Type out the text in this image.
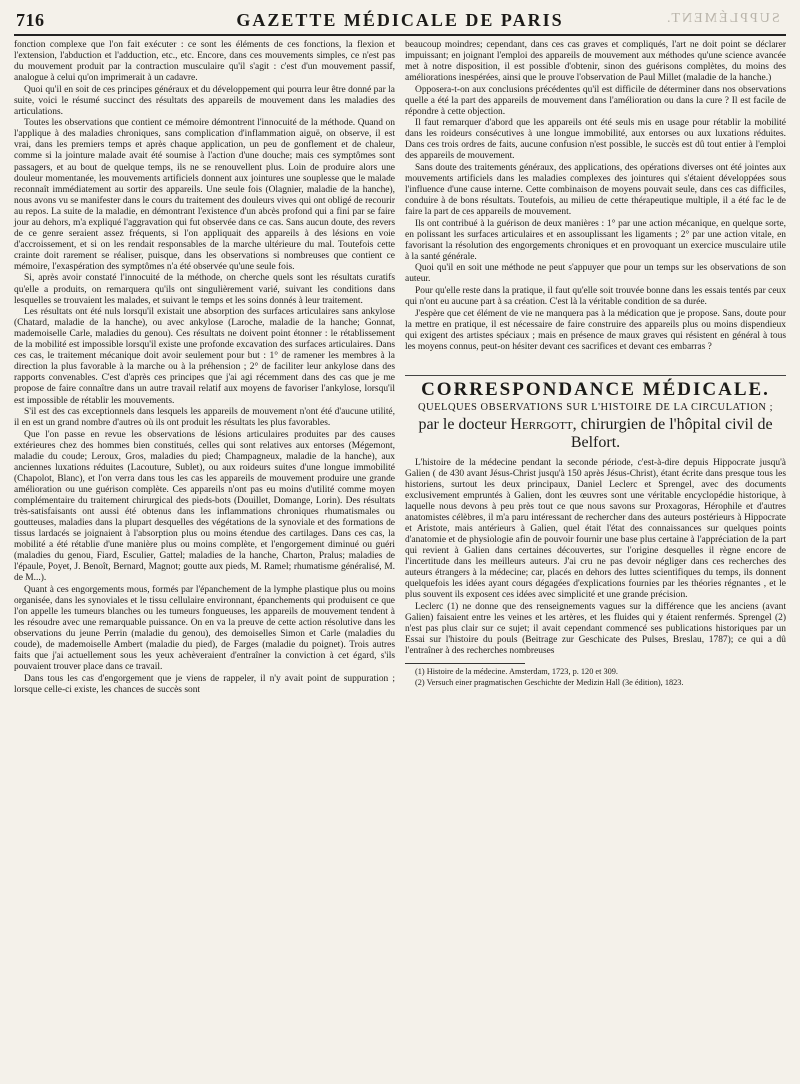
716	GAZETTE MÉDICALE DE PARIS	SUPPLÉMENT.

fonction complexe que l'on fait exécuter : ce sont les éléments de ces fonctions, la flexion et l'extension, l'abduction et l'adduction, etc., etc. Encore, dans ces mouvements simples, ce n'est pas du mouvement produit par la contraction musculaire qu'il s'agit : c'est d'un mouvement passif, analogue à celui qu'on imprimerait à un cadavre.

Quoi qu'il en soit de ces principes généraux et du développement qui pourra leur être donné par la suite, voici le résumé succinct des résultats des appareils de mouvement dans les maladies des articulations.

Toutes les observations que contient ce mémoire démontrent l'innocuité de la méthode. Quand on l'applique à des maladies chroniques, sans complication d'inflammation aiguë, on observe, il est vrai, dans les premiers temps et après chaque application, un peu de gonflement et de chaleur, comme si la jointure malade avait été soumise à l'action d'une douche; mais ces symptômes sont passagers, et au bout de quelque temps, ils ne se renouvellent plus. Loin de produire alors une douleur momentanée, les mouvements artificiels donnent aux jointures une souplesse que le malade reconnaît immédiatement au sortir des appareils. Une seule fois (Olagnier, maladie de la hanche), nous avons vu se manifester dans le cours du traitement des douleurs vives qui ont obligé de recourir au repos. La suite de la maladie, en démontrant l'existence d'un abcès profond qui a fini par se faire jour au dehors, m'a expliqué l'aggravation qui fut observée dans ce cas. Sans aucun doute, des revers de ce genre seraient assez fréquents, si l'on appliquait des appareils à des lésions en voie d'accroissement, et si on les rendait responsables de la marche ultérieure du mal. Toutefois cette crainte doit rarement se réaliser, puisque, dans les observations si nombreuses que contient ce mémoire, l'exaspération des symptômes n'a été observée qu'une seule fois.

Si, après avoir constaté l'innocuité de la méthode, on cherche quels sont les résultats curatifs qu'elle a produits, on remarquera qu'ils ont singulièrement varié, suivant les conditions dans lesquelles se trouvaient les malades, et suivant le temps et les soins donnés à leur traitement.

Les résultats ont été nuls lorsqu'il existait une absorption des surfaces articulaires sans ankylose (Chatard, maladie de la hanche), ou avec ankylose (Laroche, maladie de la hanche; Gonnat, mademoiselle Carle, maladies du genou). Ces résultats ne doivent point étonner : le rétablissement de la mobilité est impossible lorsqu'il existe une profonde excavation des surfaces articulaires. Dans ces cas, le traitement mécanique doit avoir seulement pour but : 1° de ramener les membres à la direction la plus favorable à la marche ou à la préhension ; 2° de faciliter leur ankylose dans des rapports convenables. C'est d'après ces principes que j'ai agi récemment dans des cas que je me propose de faire connaître dans un autre travail relatif aux moyens de favoriser l'ankylose, lorsqu'il est impossible de rétablir les mouvements.

S'il est des cas exceptionnels dans lesquels les appareils de mouvement n'ont été d'aucune utilité, il en est un grand nombre d'autres où ils ont produit les résultats les plus favorables.

Que l'on passe en revue les observations de lésions articulaires produites par des causes extérieures chez des hommes bien constitués, celles qui sont relatives aux entorses (Mégemont, maladie du coude; Leroux, Gros, maladies du pied; Champagneux, maladie de la hanche), aux anciennes luxations réduites (Lacouture, Sublet), ou aux roideurs suites d'une longue immobilité (Chapolot, Blanc), et l'on verra dans tous les cas les appareils de mouvement produire une grande amélioration ou une guérison complète. Ces appareils n'ont pas eu moins d'utilité comme moyen complémentaire du traitement chirurgical des pieds-bots (Douillet, Domange, Lorin). Des résultats très-satisfaisants ont aussi été obtenus dans les inflammations chroniques rhumatismales ou goutteuses, maladies dans la plupart desquelles des végétations de la synoviale et des formations de tissus lardacés se joignaient à l'absorption plus ou moins étendue des cartilages. Dans ces cas, la mobilité a été rétablie d'une manière plus ou moins complète, et l'engorgement diminué ou guéri (maladies du genou, Fiard, Esculier, Gattel; maladies de la hanche, Charton, Pralus; maladies de l'épaule, Poyet, J. Benoît, Bernard, Magnot; goutte aux pieds, M. Ramel; rhumatisme généralisé, M. de M...).

Quant à ces engorgements mous, formés par l'épanchement de la lymphe plastique plus ou moins organisée, dans les synoviales et le tissu cellulaire environnant, épanchements qui produisent ce que l'on appelle les tumeurs blanches ou les tumeurs fongueuses, les appareils de mouvement tendent à les résoudre avec une remarquable puissance. On en va la preuve de cette action résolutive dans les observations du jeune Perrin (maladie du genou), des demoiselles Simon et Carle (maladies du coude), de mademoiselle Ambert (maladie du pied), de Farges (maladie du poignet). Trois autres faits que j'ai actuellement sous les yeux achèveraient d'entraîner la conviction à cet égard, s'ils pouvaient trouver place dans ce travail.

Dans tous les cas d'engorgement que je viens de rappeler, il n'y avait point de suppuration ; lorsque celle-ci existe, les chances de succès sont

beaucoup moindres; cependant, dans ces cas graves et compliqués, l'art ne doit point se déclarer impuissant; en joignant l'emploi des appareils de mouvement aux méthodes qu'une science avancée met à notre disposition, il est possible d'obtenir, sinon des guérisons complètes, du moins des améliorations inespérées, ainsi que le prouve l'observation de Paul Millet (maladie de la hanche.)

Opposera-t-on aux conclusions précédentes qu'il est difficile de déterminer dans nos observations quelle a été la part des appareils de mouvement dans l'amélioration ou dans la cure ? Il est facile de répondre à cette objection.

Il faut remarquer d'abord que les appareils ont été seuls mis en usage pour rétablir la mobilité dans les roideurs consécutives à une longue immobilité, aux entorses ou aux luxations réduites. Dans ces trois ordres de faits, aucune confusion n'est possible, le succès est dû tout entier à l'emploi des appareils de mouvement.

Sans doute des traitements généraux, des applications, des opérations diverses ont été jointes aux mouvements artificiels dans les maladies complexes des jointures qui s'étaient développées sous l'influence d'une cause interne. Cette combinaison de moyens pouvait seule, dans ces cas difficiles, conduire à de bons résultats. Toutefois, au milieu de cette thérapeutique multiple, il a été fac le de faire la part de ces appareils de mouvement.

Ils ont contribué à la guérison de deux manières : 1° par une action mécanique, en quelque sorte, en polissant les surfaces articulaires et en assouplissant les ligaments ; 2° par une action vitale, en favorisant la résolution des engorgements chroniques et en provoquant un exercice musculaire utile à la santé générale.

Quoi qu'il en soit une méthode ne peut s'appuyer que pour un temps sur les observations de son auteur.

Pour qu'elle reste dans la pratique, il faut qu'elle soit trouvée bonne dans les essais tentés par ceux qui n'ont eu aucune part à sa création. C'est là la véritable condition de sa durée.

J'espère que cet élément de vie ne manquera pas à la médication que je propose. Sans, doute pour la mettre en pratique, il est nécessaire de faire construire des appareils plus ou moins dispendieux qui exigent des artistes spéciaux ; mais en présence de maux graves qui résistent en général à tous les moyens connus, peut-on hésiter devant ces sacrifices et devant ces embarras ?

CORRESPONDANCE MÉDICALE.
QUELQUES OBSERVATIONS SUR L'HISTOIRE DE LA CIRCULATION ;
par le docteur Herrgott, chirurgien de l'hôpital civil de Belfort.

L'histoire de la médecine pendant la seconde période, c'est-à-dire depuis Hippocrate jusqu'à Galien ( de 430 avant Jésus-Christ jusqu'à 150 après Jésus-Christ), étant écrite dans presque tous les historiens, surtout les deux principaux, Daniel Leclerc et Sprengel, avec des documents exclusivement empruntés à Galien, dont les œuvres sont une véritable encyclopédie historique, à laquelle nous devons à peu près tout ce que nous savons sur Proxagoras, Hérophile et d'autres anatomistes célèbres, il m'a paru intéressant de rechercher dans des auteurs postérieurs à Hippocrate et Aristote, mais antérieurs à Galien, quel était l'état des connaissances sur quelques points d'anatomie et de physiologie afin de pouvoir fournir une base plus certaine à l'appréciation de la part qui revient à Galien dans certaines découvertes, sur l'origine desquelles il règne encore de l'incertitude dans les meilleurs auteurs. J'ai cru ne pas devoir négliger dans ces recherches des auteurs étrangers à la médecine; car, placés en dehors des luttes scientifiques du temps, ils donnent quelquefois les idées ayant cours dégagées d'explications fournies par les théories régnantes , et le plus souvent ils exposent ces idées avec simplicité et une grande précision.

Leclerc (1) ne donne que des renseignements vagues sur la différence que les anciens (avant Galien) faisaient entre les veines et les artères, et les fluides qui y étaient renfermés. Sprengel (2) n'est pas plus clair sur ce sujet; il avait cependant commencé ses publications historiques par un Essai sur l'histoire du pouls (Beitrage zur Geschicate des Pulses, Breslau, 1787); ce qui a dû l'entraîner à des recherches nombreuses

(1) Histoire de la médecine. Amsterdam, 1723, p. 120 et 309.

(2) Versuch einer pragmatischen Geschichte der Medizin Hall (3e édition), 1823.
